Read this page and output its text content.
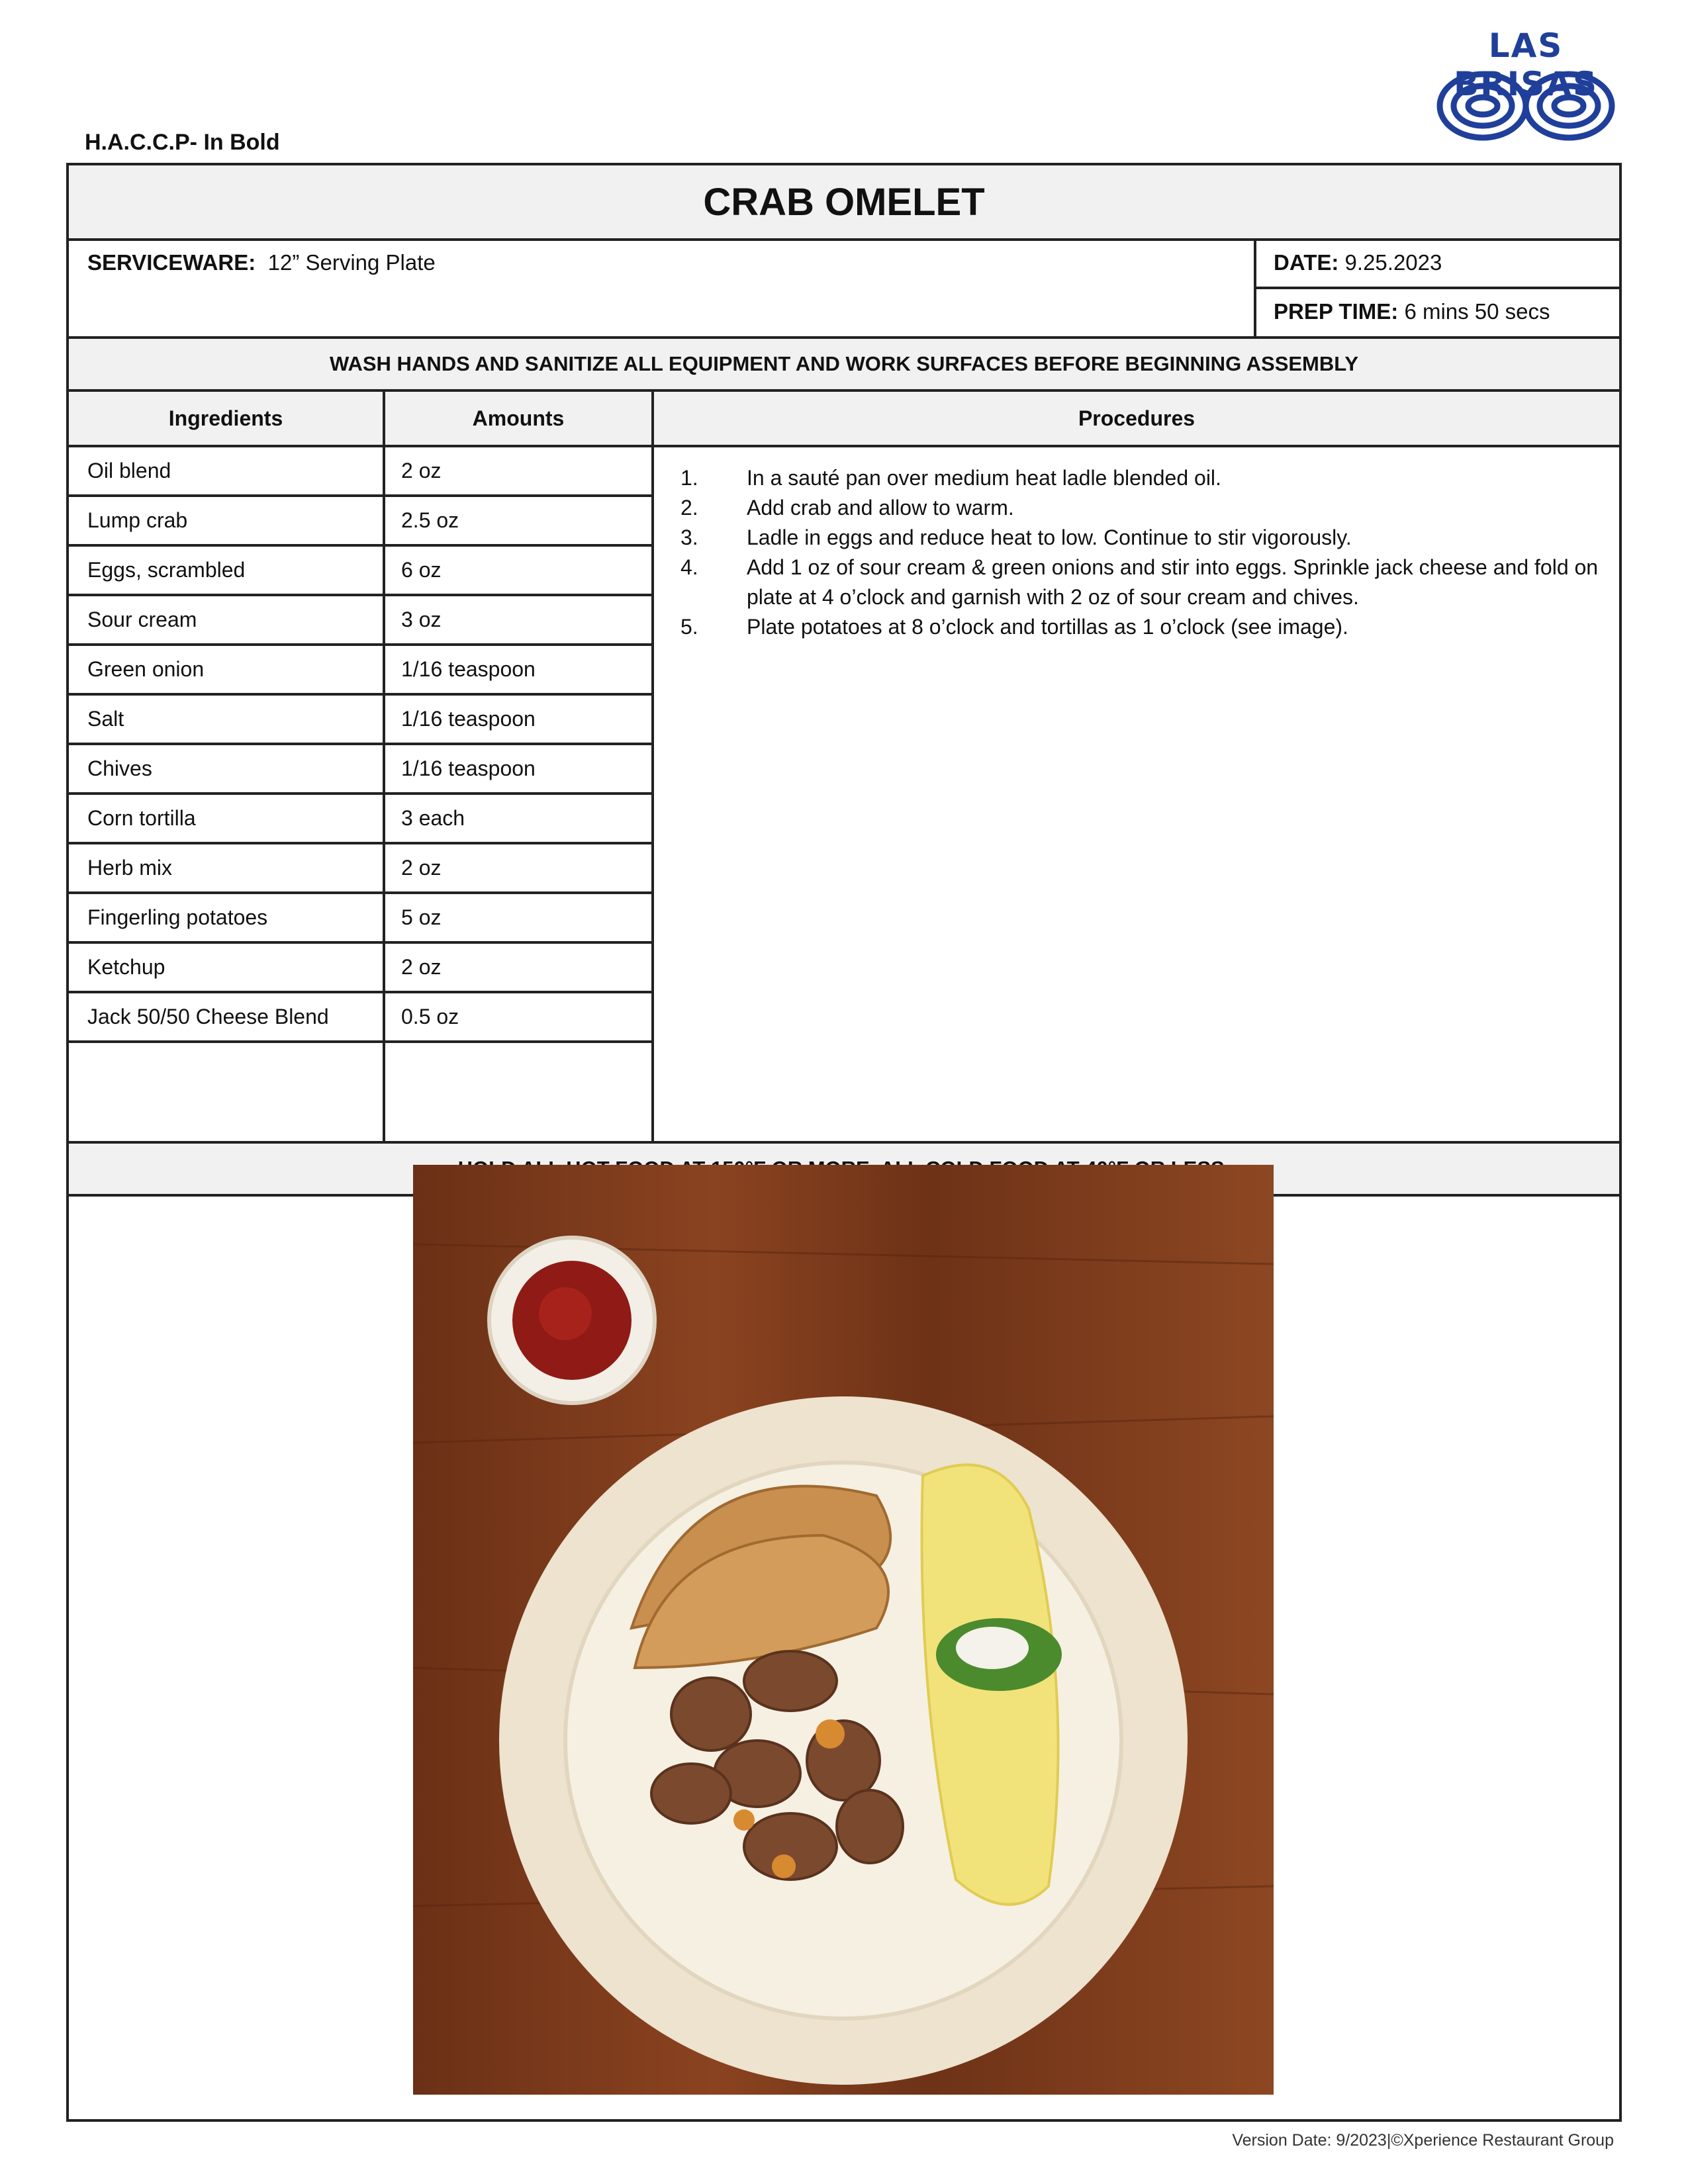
LAS BRISAS
H.A.C.C.P- In Bold
CRAB OMELET
SERVICEWARE: 12” Serving Plate	DATE: 9.25.2023
PREP TIME: 6 mins 50 secs
WASH HANDS AND SANITIZE ALL EQUIPMENT AND WORK SURFACES BEFORE BEGINNING ASSEMBLY
Ingredients	Amounts	Procedures
Oil blend	2 oz
Lump crab	2.5 oz
Eggs, scrambled	6 oz
Sour cream	3 oz
Green onion	1/16 teaspoon
Salt	1/16 teaspoon
Chives	1/16 teaspoon
Corn tortilla	3 each
Herb mix	2 oz
Fingerling potatoes	5 oz
Ketchup	2 oz
Jack 50/50 Cheese Blend	0.5 oz
1.	In a sauté pan over medium heat ladle blended oil.
2.	Add crab and allow to warm.
3.	Ladle in eggs and reduce heat to low. Continue to stir vigorously.
4.	Add 1 oz of sour cream & green onions and stir into eggs. Sprinkle jack cheese and fold on plate at 4 o’clock and garnish with 2 oz of sour cream and chives.
5.	Plate potatoes at 8 o’clock and tortillas as 1 o’clock (see image).
Version Date: 9/2023|©Xperience Restaurant Group
